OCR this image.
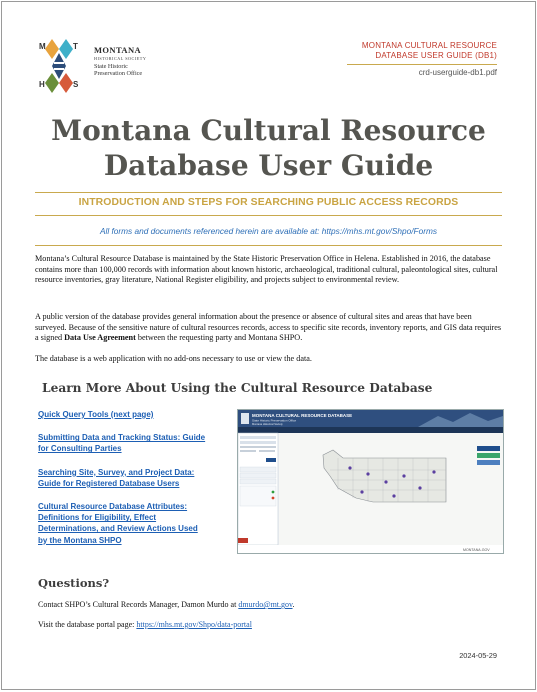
M	T
H	S
MONTANA
HISTORICAL SOCIETY
State Historic Preservation Office
MONTANA CULTURAL RESOURCE
DATABASE USER GUIDE (DB1)
crd-userguide-db1.pdf
Montana Cultural Resource
Database User Guide
INTRODUCTION AND STEPS FOR SEARCHING PUBLIC ACCESS RECORDS
All forms and documents referenced herein are available at: https://mhs.mt.gov/Shpo/Forms

Montana’s Cultural Resource Database is maintained by the State Historic Preservation Office in Helena. Established in 2016, the database contains more than 100,000 records with information about known historic, archaeological, traditional cultural, paleontological sites, cultural resource inventories, gray literature, National Register eligibility, and projects subject to environmental review.

A public version of the database provides general information about the presence or absence of cultural sites and areas that have been surveyed. Because of the sensitive nature of cultural resources records, access to specific site records, inventory reports, and GIS data requires a signed Data Use Agreement between the requesting party and Montana SHPO.

The database is a web application with no add-ons necessary to use or view the data.

Learn More About Using the Cultural Resource Database
Quick Query Tools (next page)
Submitting Data and Tracking Status: Guide
for Consulting Parties
Searching Site, Survey, and Project Data:
Guide for Registered Database Users
Cultural Resource Database Attributes:
Definitions for Eligibility, Effect
Determinations, and Review Actions Used
by the Montana SHPO
MONTANA CULTURAL RESOURCE DATABASE
State Historic Preservation Office
Montana Historical Society
MONTANA.GOV
Questions?
Contact SHPO’s Cultural Records Manager, Damon Murdo at dmurdo@mt.gov.
Visit the database portal page: https://mhs.mt.gov/Shpo/data-portal
2024-05-29
